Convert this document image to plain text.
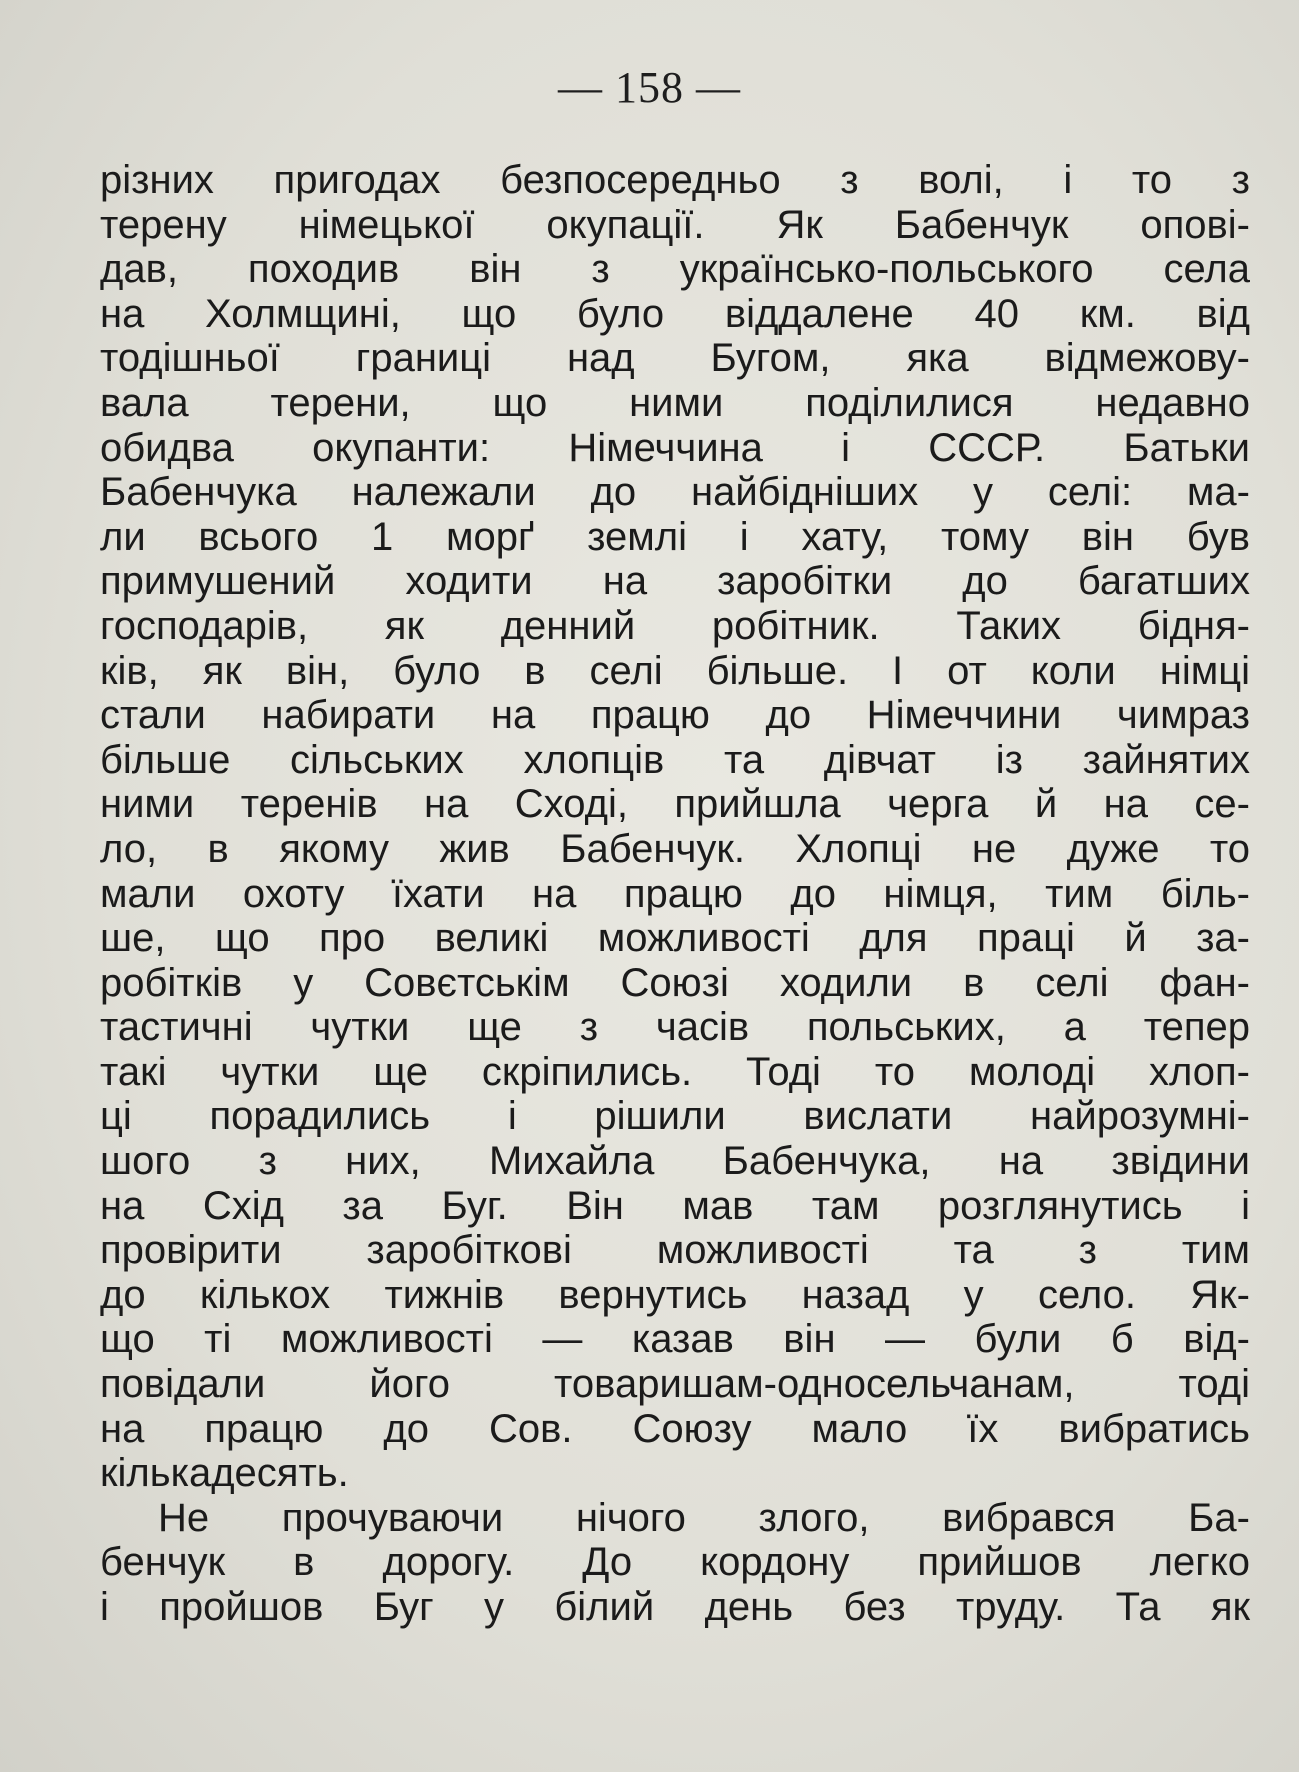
— 158 —
різних пригодах безпосередньо з волі, і то з
терену німецької окупації. Як Бабенчук опові-
дав, походив він з українсько-польського села
на Холмщині, що було віддалене 40 км. від
тодішньої границі над Бугом, яка відмежову-
вала терени, що ними поділилися недавно
обидва окупанти: Німеччина і СССР. Батьки
Бабенчука належали до найбідніших у селі: ма-
ли всього 1 морґ землі і хату, тому він був
примушений ходити на заробітки до багатших
господарів, як денний робітник. Таких бідня-
ків, як він, було в селі більше. І от коли німці
стали набирати на працю до Німеччини чимраз
більше сільських хлопців та дівчат із зайнятих
ними теренів на Сході, прийшла черга й на се-
ло, в якому жив Бабенчук. Хлопці не дуже то
мали охоту їхати на працю до німця, тим біль-
ше, що про великі можливості для праці й за-
робітків у Совєтськім Союзі ходили в селі фан-
тастичні чутки ще з часів польських, а тепер
такі чутки ще скріпились. Тоді то молоді хлоп-
ці порадились і рішили вислати найрозумні-
шого з них, Михайла Бабенчука, на звідини
на Схід за Буг. Він мав там розглянутись і
провірити заробіткові можливості та з тим
до кількох тижнів вернутись назад у село. Як-
що ті можливості — казав він — були б від-
повідали його товаришам-односельчанам, тоді
на працю до Сов. Союзу мало їх вибратись
кількадесять.
Не прочуваючи нічого злого, вибрався Ба-
бенчук в дорогу. До кордону прийшов легко
і пройшов Буг у білий день без труду. Та як
